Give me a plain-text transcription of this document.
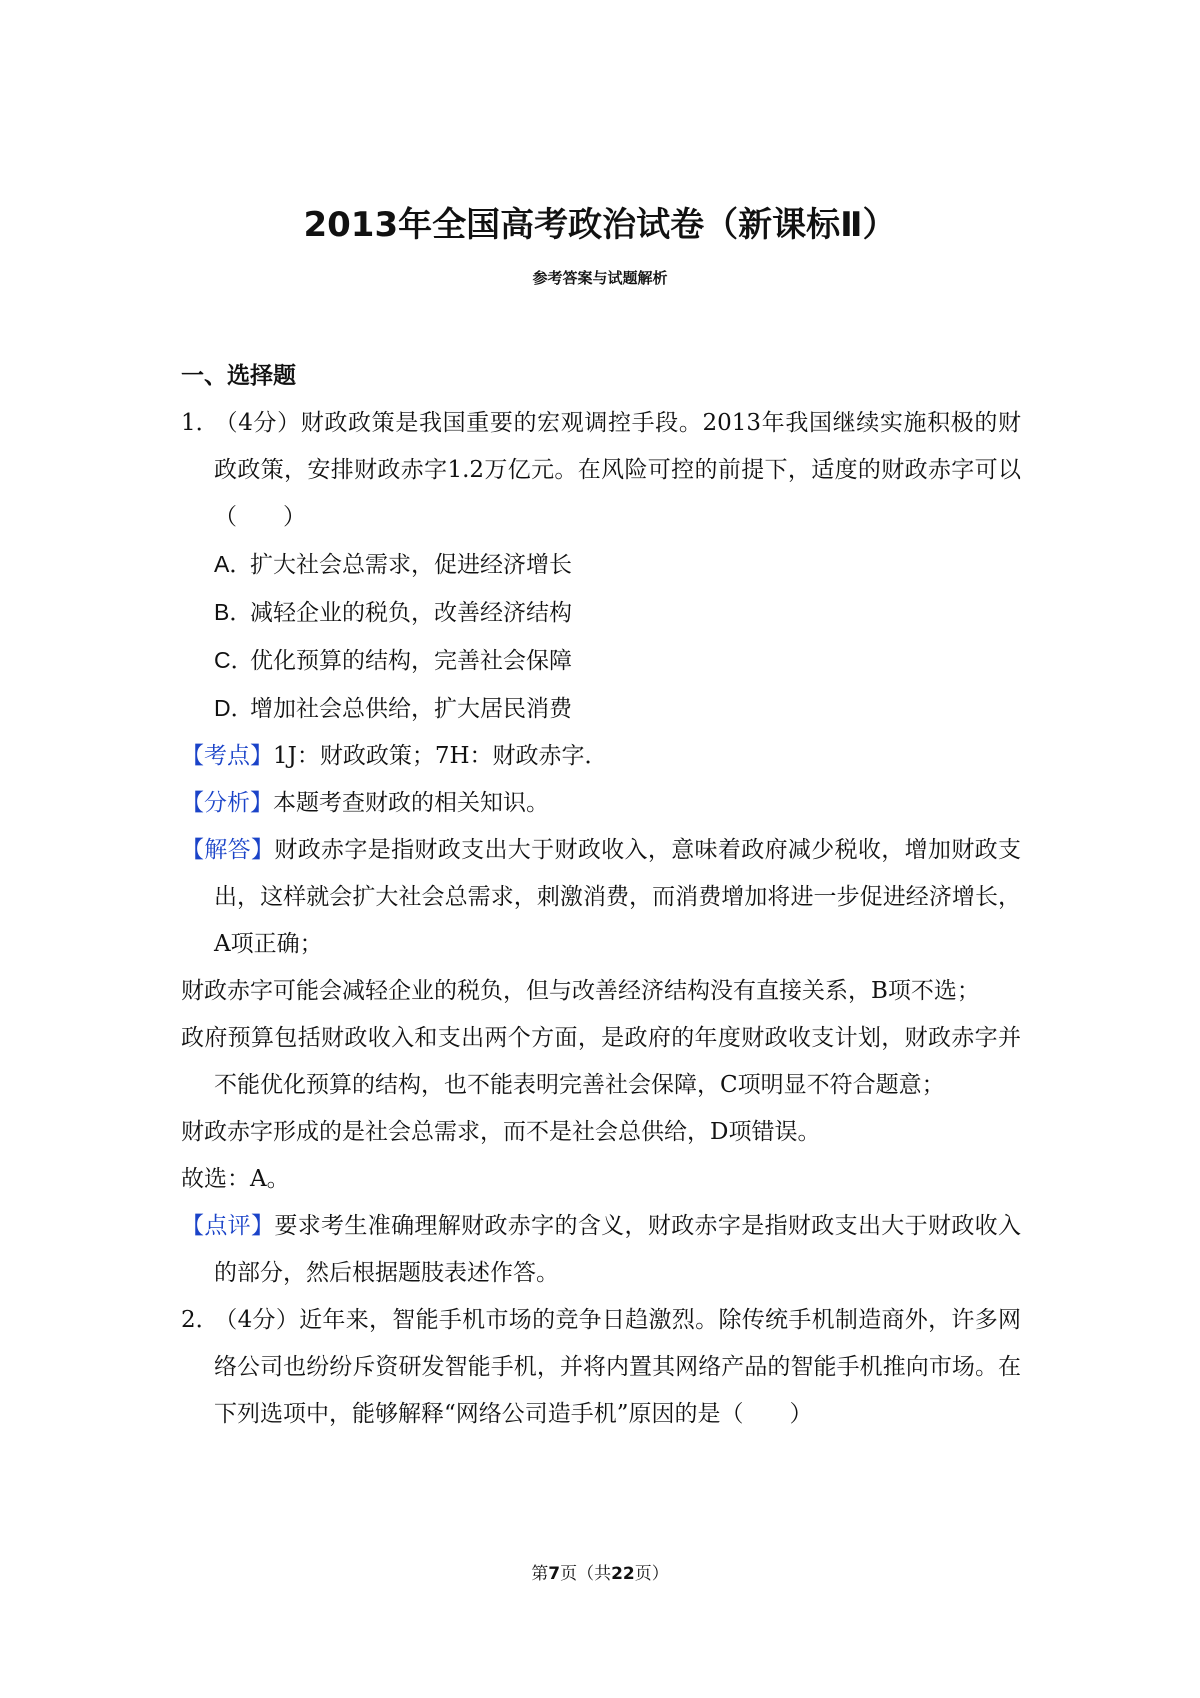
2013年全国高考政治试卷（新课标Ⅱ）
参考答案与试题解析
一、选择题
1．（4分）财政政策是我国重要的宏观调控手段。2013年我国继续实施积极的财政政策，安排财政赤字1.2万亿元。在风险可控的前提下，适度的财政赤字可以（　　）
A．扩大社会总需求，促进经济增长
B．减轻企业的税负，改善经济结构
C．优化预算的结构，完善社会保障
D．增加社会总供给，扩大居民消费
【考点】1J：财政政策；7H：财政赤字．
【分析】本题考查财政的相关知识。
【解答】财政赤字是指财政支出大于财政收入，意味着政府减少税收，增加财政支出，这样就会扩大社会总需求，刺激消费，而消费增加将进一步促进经济增长，A项正确；
财政赤字可能会减轻企业的税负，但与改善经济结构没有直接关系，B项不选；
政府预算包括财政收入和支出两个方面，是政府的年度财政收支计划，财政赤字并不能优化预算的结构，也不能表明完善社会保障，C项明显不符合题意；
财政赤字形成的是社会总需求，而不是社会总供给，D项错误。
故选：A。
【点评】要求考生准确理解财政赤字的含义，财政赤字是指财政支出大于财政收入的部分，然后根据题肢表述作答。
2．（4分）近年来，智能手机市场的竞争日趋激烈。除传统手机制造商外，许多网络公司也纷纷斥资研发智能手机，并将内置其网络产品的智能手机推向市场。在下列选项中，能够解释“网络公司造手机”原因的是（　　）
第7页（共22页）
